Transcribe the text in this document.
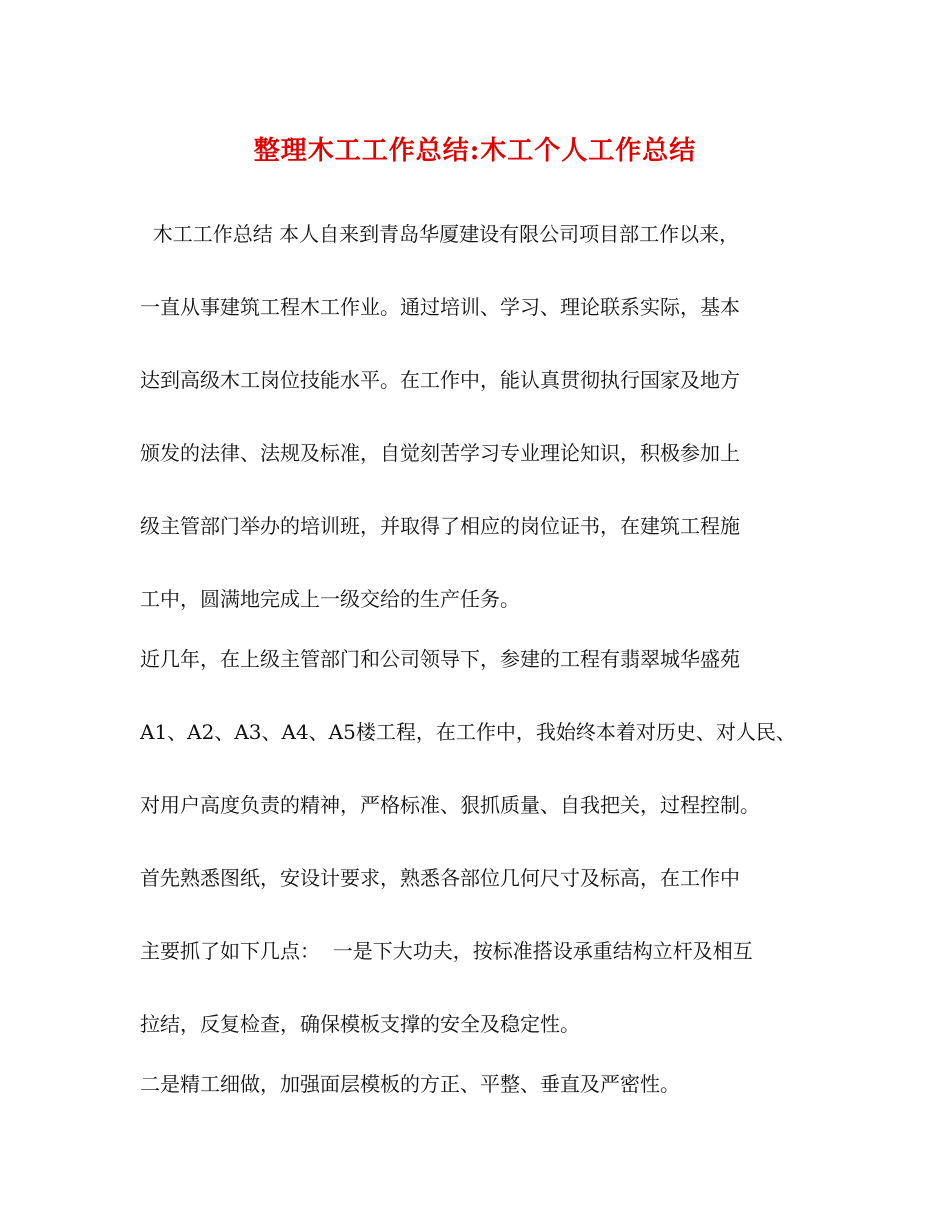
整理木工工作总结:木工个人工作总结
木工工作总结 本人自来到青岛华厦建设有限公司项目部工作以来，
一直从事建筑工程木工作业。通过培训、学习、理论联系实际，基本
达到高级木工岗位技能水平。在工作中，能认真贯彻执行国家及地方
颁发的法律、法规及标准，自觉刻苦学习专业理论知识，积极参加上
级主管部门举办的培训班，并取得了相应的岗位证书，在建筑工程施
工中，圆满地完成上一级交给的生产任务。
近几年，在上级主管部门和公司领导下，参建的工程有翡翠城华盛苑
A1、A2、A3、A4、A5楼工程，在工作中，我始终本着对历史、对人民、
对用户高度负责的精神，严格标准、狠抓质量、自我把关，过程控制。
首先熟悉图纸，安设计要求，熟悉各部位几何尺寸及标高，在工作中
主要抓了如下几点：  一是下大功夫，按标准搭设承重结构立杆及相互
拉结，反复检查，确保模板支撑的安全及稳定性。
二是精工细做，加强面层模板的方正、平整、垂直及严密性。
